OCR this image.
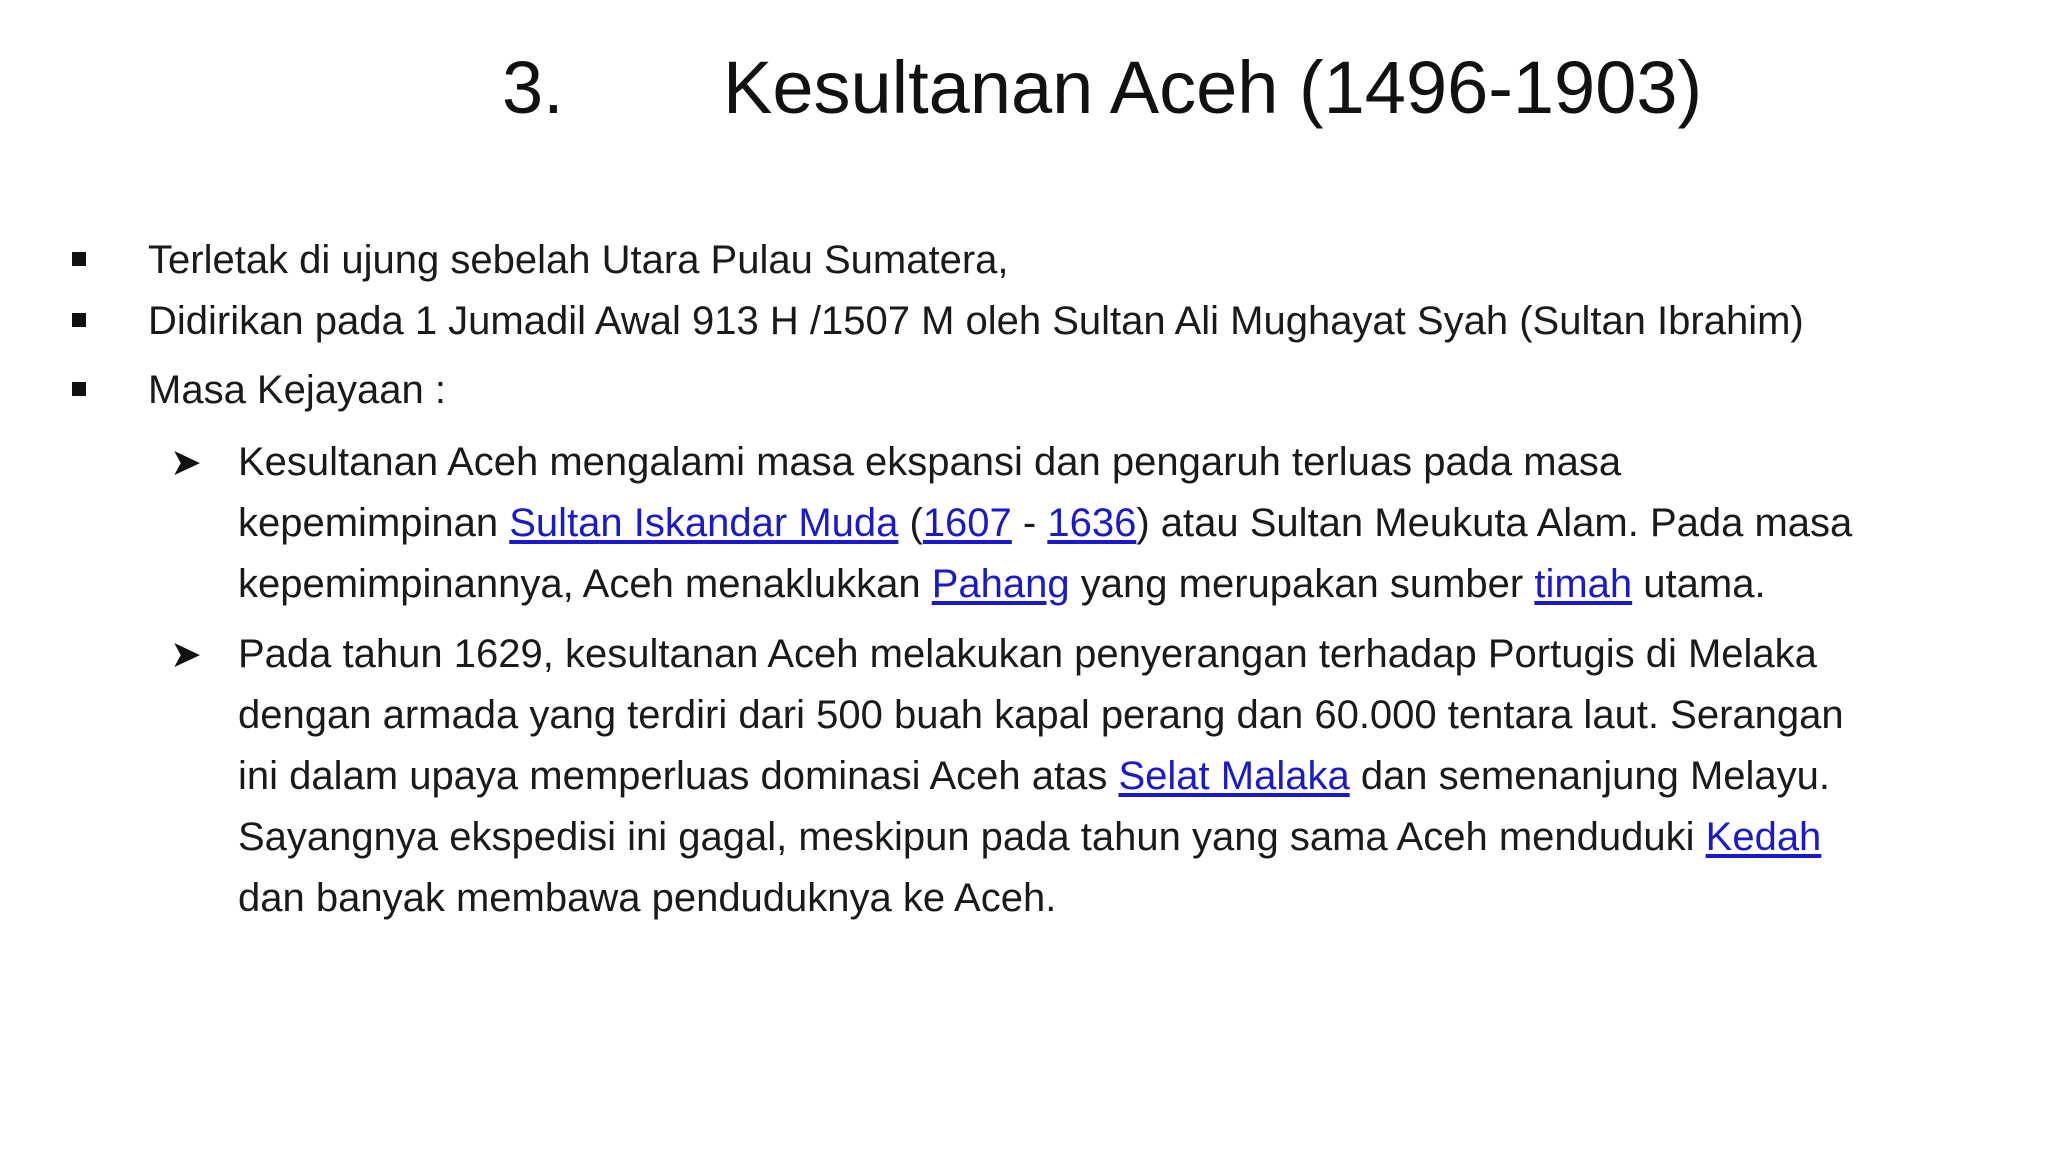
3. Kesultanan Aceh (1496-1903)
Terletak di ujung sebelah Utara Pulau Sumatera,
Didirikan pada 1 Jumadil Awal 913 H /1507 M oleh Sultan Ali Mughayat Syah (Sultan Ibrahim)
Masa Kejayaan :
➤ Kesultanan Aceh mengalami masa ekspansi dan pengaruh terluas pada masa
kepemimpinan Sultan Iskandar Muda (1607 - 1636) atau Sultan Meukuta Alam. Pada masa
kepemimpinannya, Aceh menaklukkan Pahang yang merupakan sumber timah utama.
➤ Pada tahun 1629, kesultanan Aceh melakukan penyerangan terhadap Portugis di Melaka
dengan armada yang terdiri dari 500 buah kapal perang dan 60.000 tentara laut. Serangan
ini dalam upaya memperluas dominasi Aceh atas Selat Malaka dan semenanjung Melayu.
Sayangnya ekspedisi ini gagal, meskipun pada tahun yang sama Aceh menduduki Kedah
dan banyak membawa penduduknya ke Aceh.
